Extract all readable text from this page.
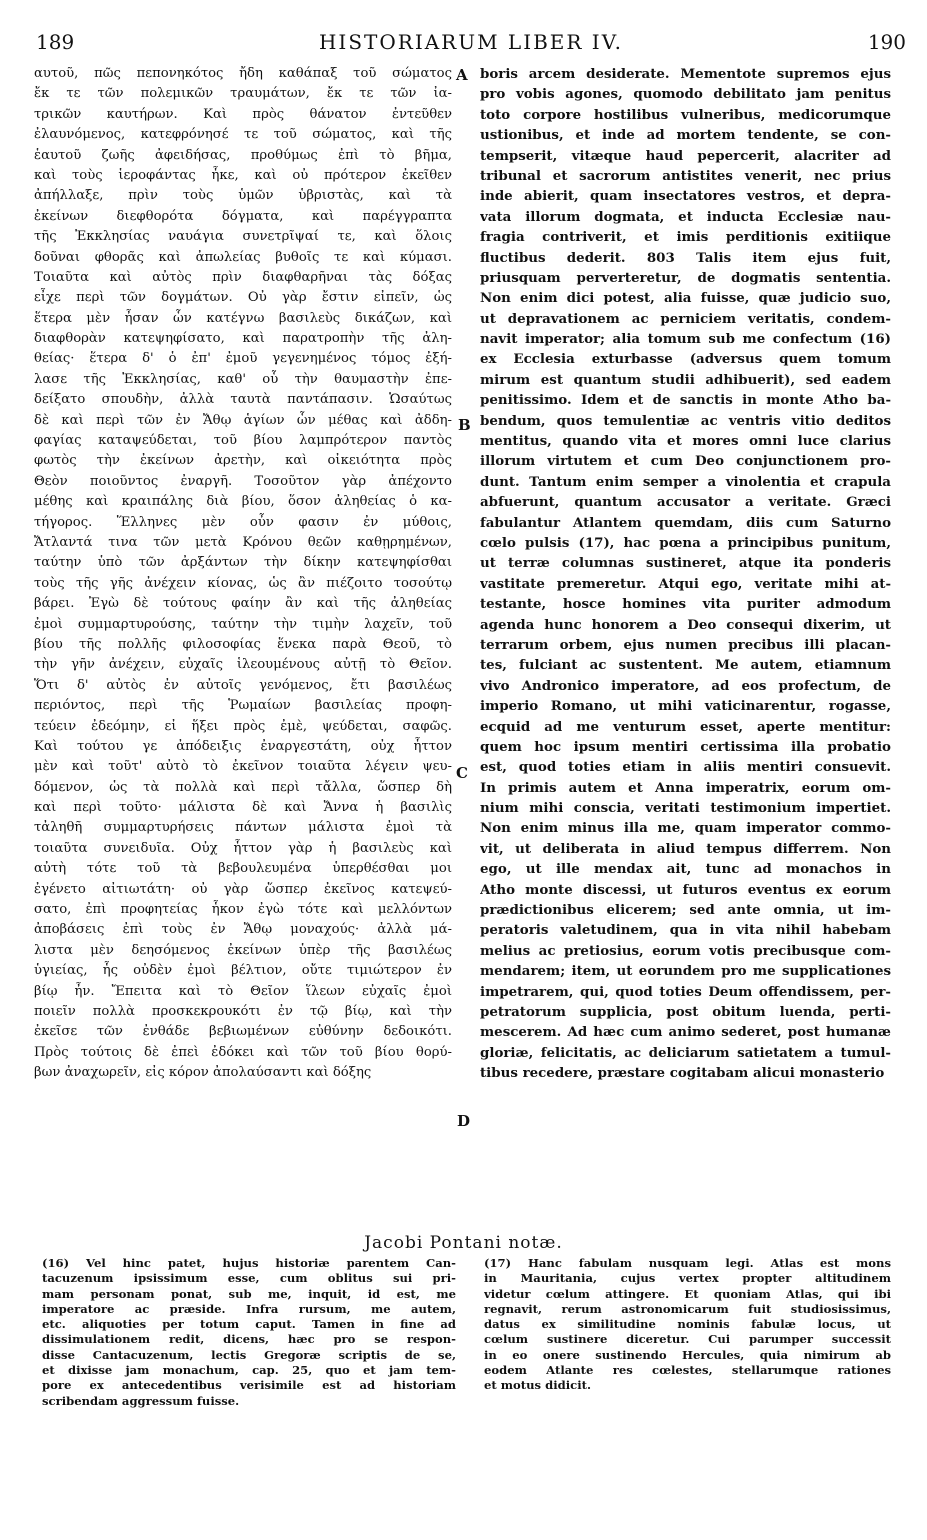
189	HISTORIARUM LIBER IV.	190
αυτοῦ, πῶς πεπονηκότος ἤδη καθάπαξ τοῦ σώματος
ἔκ τε τῶν πολεμικῶν τραυμάτων, ἔκ τε τῶν ἰα-
τρικῶν καυτήρων. Καὶ πρὸς θάνατον ἐντεῦθεν
ἐλαυνόμενος, κατεφρόνησέ τε τοῦ σώματος, καὶ τῆς
ἑαυτοῦ ζωῆς ἀφειδήσας, προθύμως ἐπὶ τὸ βῆμα,
καὶ τοὺς ἱεροφάντας ἧκε, καὶ οὐ πρότερον ἐκεῖθεν
ἀπήλλαξε, πρὶν τοὺς ὑμῶν ὑβριστὰς, καὶ τὰ
ἐκείνων διεφθορότα δόγματα, καὶ παρέγγραπτα
τῆς Ἐκκλησίας ναυάγια συνετρῖψαί τε, καὶ ὅλοις
δοῦναι φθορᾶς καὶ ἀπωλείας βυθοῖς τε καὶ κύμασι.
Τοιαῦτα καὶ αὐτὸς πρὶν διαφθαρῆναι τὰς δόξας
εἶχε περὶ τῶν δογμάτων. Οὐ γὰρ ἔστιν εἰπεῖν, ὡς
ἕτερα μὲν ἦσαν ὧν κατέγνω βασιλεὺς δικάζων, καὶ
διαφθορὰν κατεψηφίσατο, καὶ παρατροπὴν τῆς ἀλη-
θείας· ἕτερα δ' ὁ ἐπ' ἐμοῦ γεγενημένος τόμος ἐξή-
λασε τῆς Ἐκκλησίας, καθ' οὗ τὴν θαυμαστὴν ἐπε-
δείξατο σπουδὴν, ἀλλὰ ταυτὰ παντάπασιν. Ὡσαύτως
δὲ καὶ περὶ τῶν ἐν Ἄθῳ ἁγίων ὧν μέθας καὶ ἀδδη-
φαγίας καταψεύδεται, τοῦ βίου λαμπρότερον παντὸς
φωτὸς τὴν ἐκείνων ἀρετὴν, καὶ οἰκειότητα πρὸς
Θεὸν ποιοῦντος ἐναργῆ. Τοσοῦτον γὰρ ἀπέχοντο
μέθης καὶ κραιπάλης διὰ βίου, ὅσον ἀληθείας ὁ κα-
τήγορος. Ἕλληνες μὲν οὖν φασιν ἐν μύθοις,
Ἄτλαντά τινα τῶν μετὰ Κρόνου θεῶν καθῃρημένων,
ταύτην ὑπὸ τῶν ἀρξάντων τὴν δίκην κατεψηφίσθαι
τοὺς τῆς γῆς ἀνέχειν κίονας, ὡς ἂν πιέζοιτο τοσούτῳ
βάρει. Ἐγὼ δὲ τούτους φαίην ἂν καὶ τῆς ἀληθείας
ἐμοὶ συμμαρτυρούσης, ταύτην τὴν τιμὴν λαχεῖν, τοῦ
βίου τῆς πολλῆς φιλοσοφίας ἕνεκα παρὰ Θεοῦ, τὸ
τὴν γῆν ἀνέχειν, εὐχαῖς ἱλεουμένους αὐτῇ τὸ Θεῖον.
Ὅτι δ' αὐτὸς ἐν αὐτοῖς γενόμενος, ἔτι βασιλέως
περιόντος, περὶ τῆς Ῥωμαίων βασιλείας προφη-
τεύειν ἐδεόμην, εἰ ἥξει πρὸς ἐμὲ, ψεύδεται, σαφῶς.
Καὶ τούτου γε ἀπόδειξις ἐναργεστάτη, οὐχ ἧττον
μὲν καὶ τοῦτ' αὐτὸ τὸ ἐκεῖνον τοιαῦτα λέγειν ψευ-
δόμενον, ὡς τὰ πολλὰ καὶ περὶ τἄλλα, ὥσπερ δὴ
καὶ περὶ τοῦτο· μάλιστα δὲ καὶ Ἄννα ἡ βασιλὶς
τἀληθῆ συμμαρτυρήσεις πάντων μάλιστα ἐμοὶ τὰ
τοιαῦτα συνειδυῖα. Οὐχ ἧττον γὰρ ἡ βασιλεὺς καὶ
αὐτὴ τότε τοῦ τὰ βεβουλευμένα ὑπερθέσθαι μοι
ἐγένετο αἰτιωτάτη· οὐ γὰρ ὥσπερ ἐκεῖνος κατεψεύ-
σατο, ἐπὶ προφητείας ἧκον ἐγὼ τότε καὶ μελλόντων
ἀποβάσεις ἐπὶ τοὺς ἐν Ἄθῳ μοναχούς· ἀλλὰ μά-
λιστα μὲν δεησόμενος ἐκείνων ὑπὲρ τῆς βασιλέως
ὑγιείας, ἧς οὐδὲν ἐμοὶ βέλτιον, οὔτε τιμιώτερον ἐν
βίῳ ἦν. Ἔπειτα καὶ τὸ Θεῖον ἵλεων εὐχαῖς ἐμοὶ
ποιεῖν πολλὰ προσκεκρουκότι ἐν τῷ βίῳ, καὶ τὴν
ἐκεῖσε τῶν ἐνθάδε βεβιωμένων εὐθύνην δεδοικότι.
Πρὸς τούτοις δὲ ἐπεὶ ἐδόκει καὶ τῶν τοῦ βίου θορύ-
βων ἀναχωρεῖν, εἰς κόρον ἀπολαύσαντι καὶ δόξης
boris arcem desiderate. Mementote supremos ejus
pro vobis agones, quomodo debilitato jam penitus
toto corpore hostilibus vulneribus, medicorumque
ustionibus, et inde ad mortem tendente, se con-
tempserit, vitæque haud pepercerit, alacriter ad
tribunal et sacrorum antistites venerit, nec prius
inde abierit, quam insectatores vestros, et depra-
vata illorum dogmata, et inducta Ecclesiæ nau-
fragia contriverit, et imis perditionis exitiique
fluctibus dederit. 803 Talis item ejus fuit,
priusquam perverteretur, de dogmatis sententia.
Non enim dici potest, alia fuisse, quæ judicio suo,
ut depravationem ac perniciem veritatis, condem-
navit imperator; alia tomum sub me confectum (16)
ex Ecclesia exturbasse (adversus quem tomum
mirum est quantum studii adhibuerit), sed eadem
penitissimo. Idem et de sanctis in monte Atho ba-
bendum, quos temulentiæ ac ventris vitio deditos
mentitus, quando vita et mores omni luce clarius
illorum virtutem et cum Deo conjunctionem pro-
dunt. Tantum enim semper a vinolentia et crapula
abfuerunt, quantum accusator a veritate. Græci
fabulantur Atlantem quemdam, diis cum Saturno
cœlo pulsis (17), hac pœna a principibus punitum,
ut terræ columnas sustineret, atque ita ponderis
vastitate premeretur. Atqui ego, veritate mihi at-
testante, hosce homines vita puriter admodum
agenda hunc honorem a Deo consequi dixerim, ut
terrarum orbem, ejus numen precibus illi placan-
tes, fulciant ac sustentent. Me autem, etiamnum
vivo Andronico imperatore, ad eos profectum, de
imperio Romano, ut mihi vaticinarentur, rogasse,
ecquid ad me venturum esset, aperte mentitur:
quem hoc ipsum mentiri certissima illa probatio
est, quod toties etiam in aliis mentiri consuevit.
In primis autem et Anna imperatrix, eorum om-
nium mihi conscia, veritati testimonium impertiet.
Non enim minus illa me, quam imperator commo-
vit, ut deliberata in aliud tempus differrem. Non
ego, ut ille mendax ait, tunc ad monachos in
Atho monte discessi, ut futuros eventus ex eorum
prædictionibus elicerem; sed ante omnia, ut im-
peratoris valetudinem, qua in vita nihil habebam
melius ac pretiosius, eorum votis precibusque com-
mendarem; item, ut eorundem pro me supplicationes
impetrarem, qui, quod toties Deum offendissem, per-
petratorum supplicia, post obitum luenda, perti-
mescerem. Ad hæc cum animo sederet, post humanæ
gloriæ, felicitatis, ac deliciarum satietatem a tumul-
tibus recedere, præstare cogitabam alicui monasterio
A
B
C
D
Jacobi Pontani notæ.
(16) Vel hinc patet, hujus historiæ parentem Can-
tacuzenum ipsissimum esse, cum oblitus sui pri-
mam personam ponat, sub me, inquit, id est, me
imperatore ac præside. Infra rursum, me autem,
etc. aliquoties per totum caput. Tamen in fine ad
dissimulationem redit, dicens, hæc pro se respon-
disse Cantacuzenum, lectis Gregoræ scriptis de se,
et dixisse jam monachum, cap. 25, quo et jam tem-
pore ex antecedentibus verisimile est ad historiam
scribendam aggressum fuisse.
(17) Hanc fabulam nusquam legi. Atlas est mons
in Mauritania, cujus vertex propter altitudinem
videtur cœlum attingere. Et quoniam Atlas, qui ibi
regnavit, rerum astronomicarum fuit studiosissimus,
datus ex similitudine nominis fabulæ locus, ut
cœlum sustinere diceretur. Cui parumper successit
in eo onere sustinendo Hercules, quia nimirum ab
eodem Atlante res cœlestes, stellarumque rationes
et motus didicit.
